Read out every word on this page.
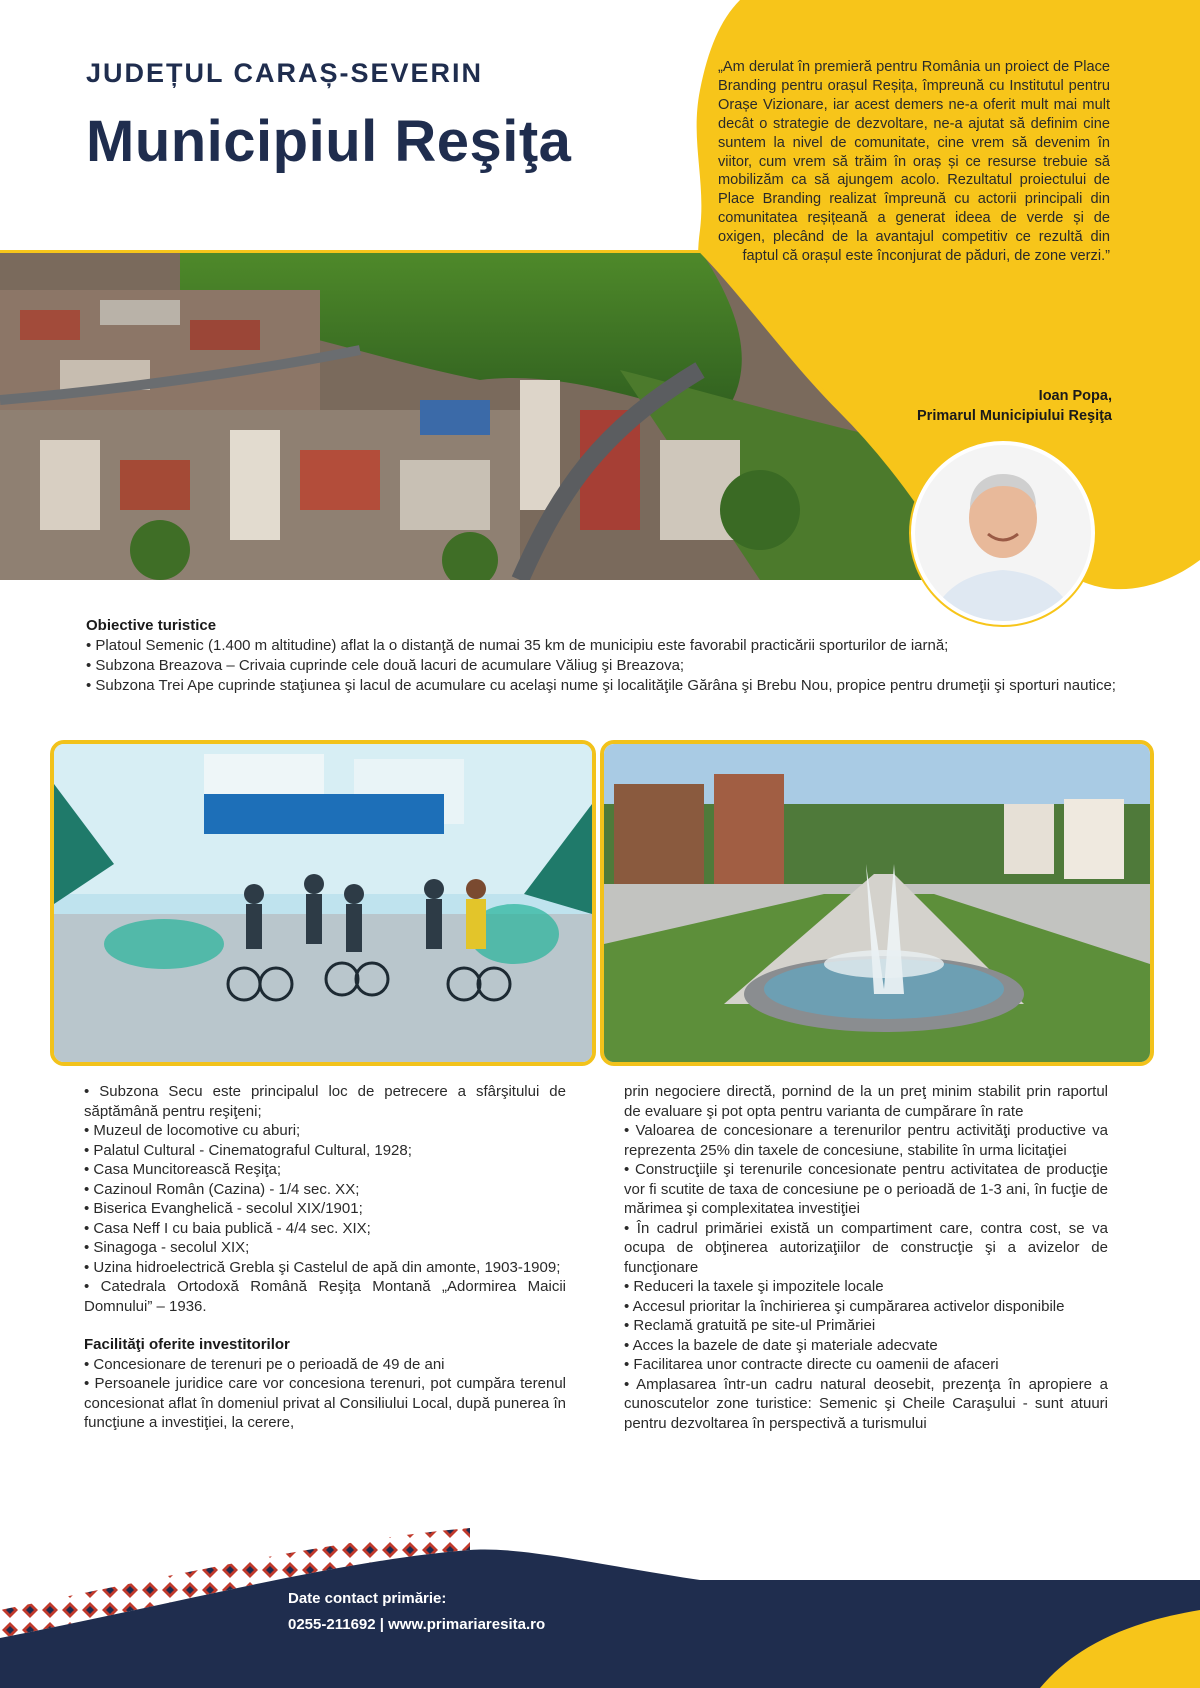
JUDEȚUL CARAȘ-SEVERIN
Municipiul Reşiţa
„Am derulat în premieră pentru România un proiect de Place Branding pentru orașul Reșița, împreună cu Institutul pentru Orașe Vizionare, iar acest demers ne-a oferit mult mai mult decât o strategie de dezvoltare, ne-a ajutat să definim cine suntem la nivel de comunitate, cine vrem să devenim în viitor, cum vrem să trăim în oraș și ce resurse trebuie să mobilizăm ca să ajungem acolo. Rezultatul proiectului de Place Branding realizat împreună cu actorii principali din comunitatea reșițeană a generat ideea de verde și de oxigen, plecând de la avantajul competitiv ce rezultă din faptul că orașul este înconjurat de păduri, de zone verzi.”
Ioan Popa,
Primarul Municipiului Reşiţa
Obiective turistice
• Platoul Semenic (1.400 m altitudine) aflat la o distanţă de numai 35 km de municipiu este favorabil practicării sporturilor de iarnă;
• Subzona Breazova – Crivaia cuprinde cele două lacuri de acumulare Văliug şi Breazova;
• Subzona Trei Ape cuprinde staţiunea şi lacul de acumulare cu acelaşi nume şi localităţile Gărâna şi Brebu Nou, propice pentru drumeţii şi sporturi nautice;

• Subzona Secu este principalul loc de petrecere a sfârşitului de săptămână pentru reşiţeni;

• Muzeul de locomotive cu aburi;

• Palatul Cultural - Cinematograful Cultural, 1928;

• Casa Muncitorească Reşiţa;

• Cazinoul Român (Cazina) - 1/4 sec. XX;

• Biserica Evanghelică - secolul XIX/1901;

• Casa Neff I cu baia publică - 4/4 sec. XIX;

• Sinagoga - secolul XIX;

• Uzina hidroelectrică Grebla şi Castelul de apă din amonte, 1903-1909;

• Catedrala Ortodoxă Română Reşiţa Montană „Adormirea Maicii Domnului” – 1936.

Facilităţi oferite investitorilor

• Concesionare de terenuri pe o perioadă de 49 de ani

• Persoanele juridice care vor concesiona terenuri, pot cumpăra terenul concesionat aflat în domeniul privat al Consiliului Local, după punerea în funcţiune a investiţiei, la cerere,

prin negociere directă, pornind de la un preţ minim stabilit prin raportul de evaluare şi pot opta pentru varianta de cumpărare în rate

• Valoarea de concesionare a terenurilor pentru activităţi productive va reprezenta 25% din taxele de concesiune, stabilite în urma licitaţiei

• Construcţiile şi terenurile concesionate pentru activitatea de producţie vor fi scutite de taxa de concesiune pe o perioadă de 1-3 ani, în fucţie de mărimea şi complexitatea investiţiei

• În cadrul primăriei există un compartiment care, contra cost, se va ocupa de obţinerea autorizaţiilor de construcţie şi a avizelor de funcţionare

• Reduceri la taxele şi impozitele locale

• Accesul prioritar la închirierea şi cumpărarea activelor disponibile

• Reclamă gratuită pe site-ul Primăriei

• Acces la bazele de date şi materiale adecvate

• Facilitarea unor contracte directe cu oamenii de afaceri

• Amplasarea într-un cadru natural deosebit, prezenţa în apropiere a cunoscutelor zone turistice: Semenic şi Cheile Caraşului - sunt atuuri pentru dezvoltarea în perspectivă a turismului

Date contact primărie:
0255-211692 | www.primariaresita.ro
